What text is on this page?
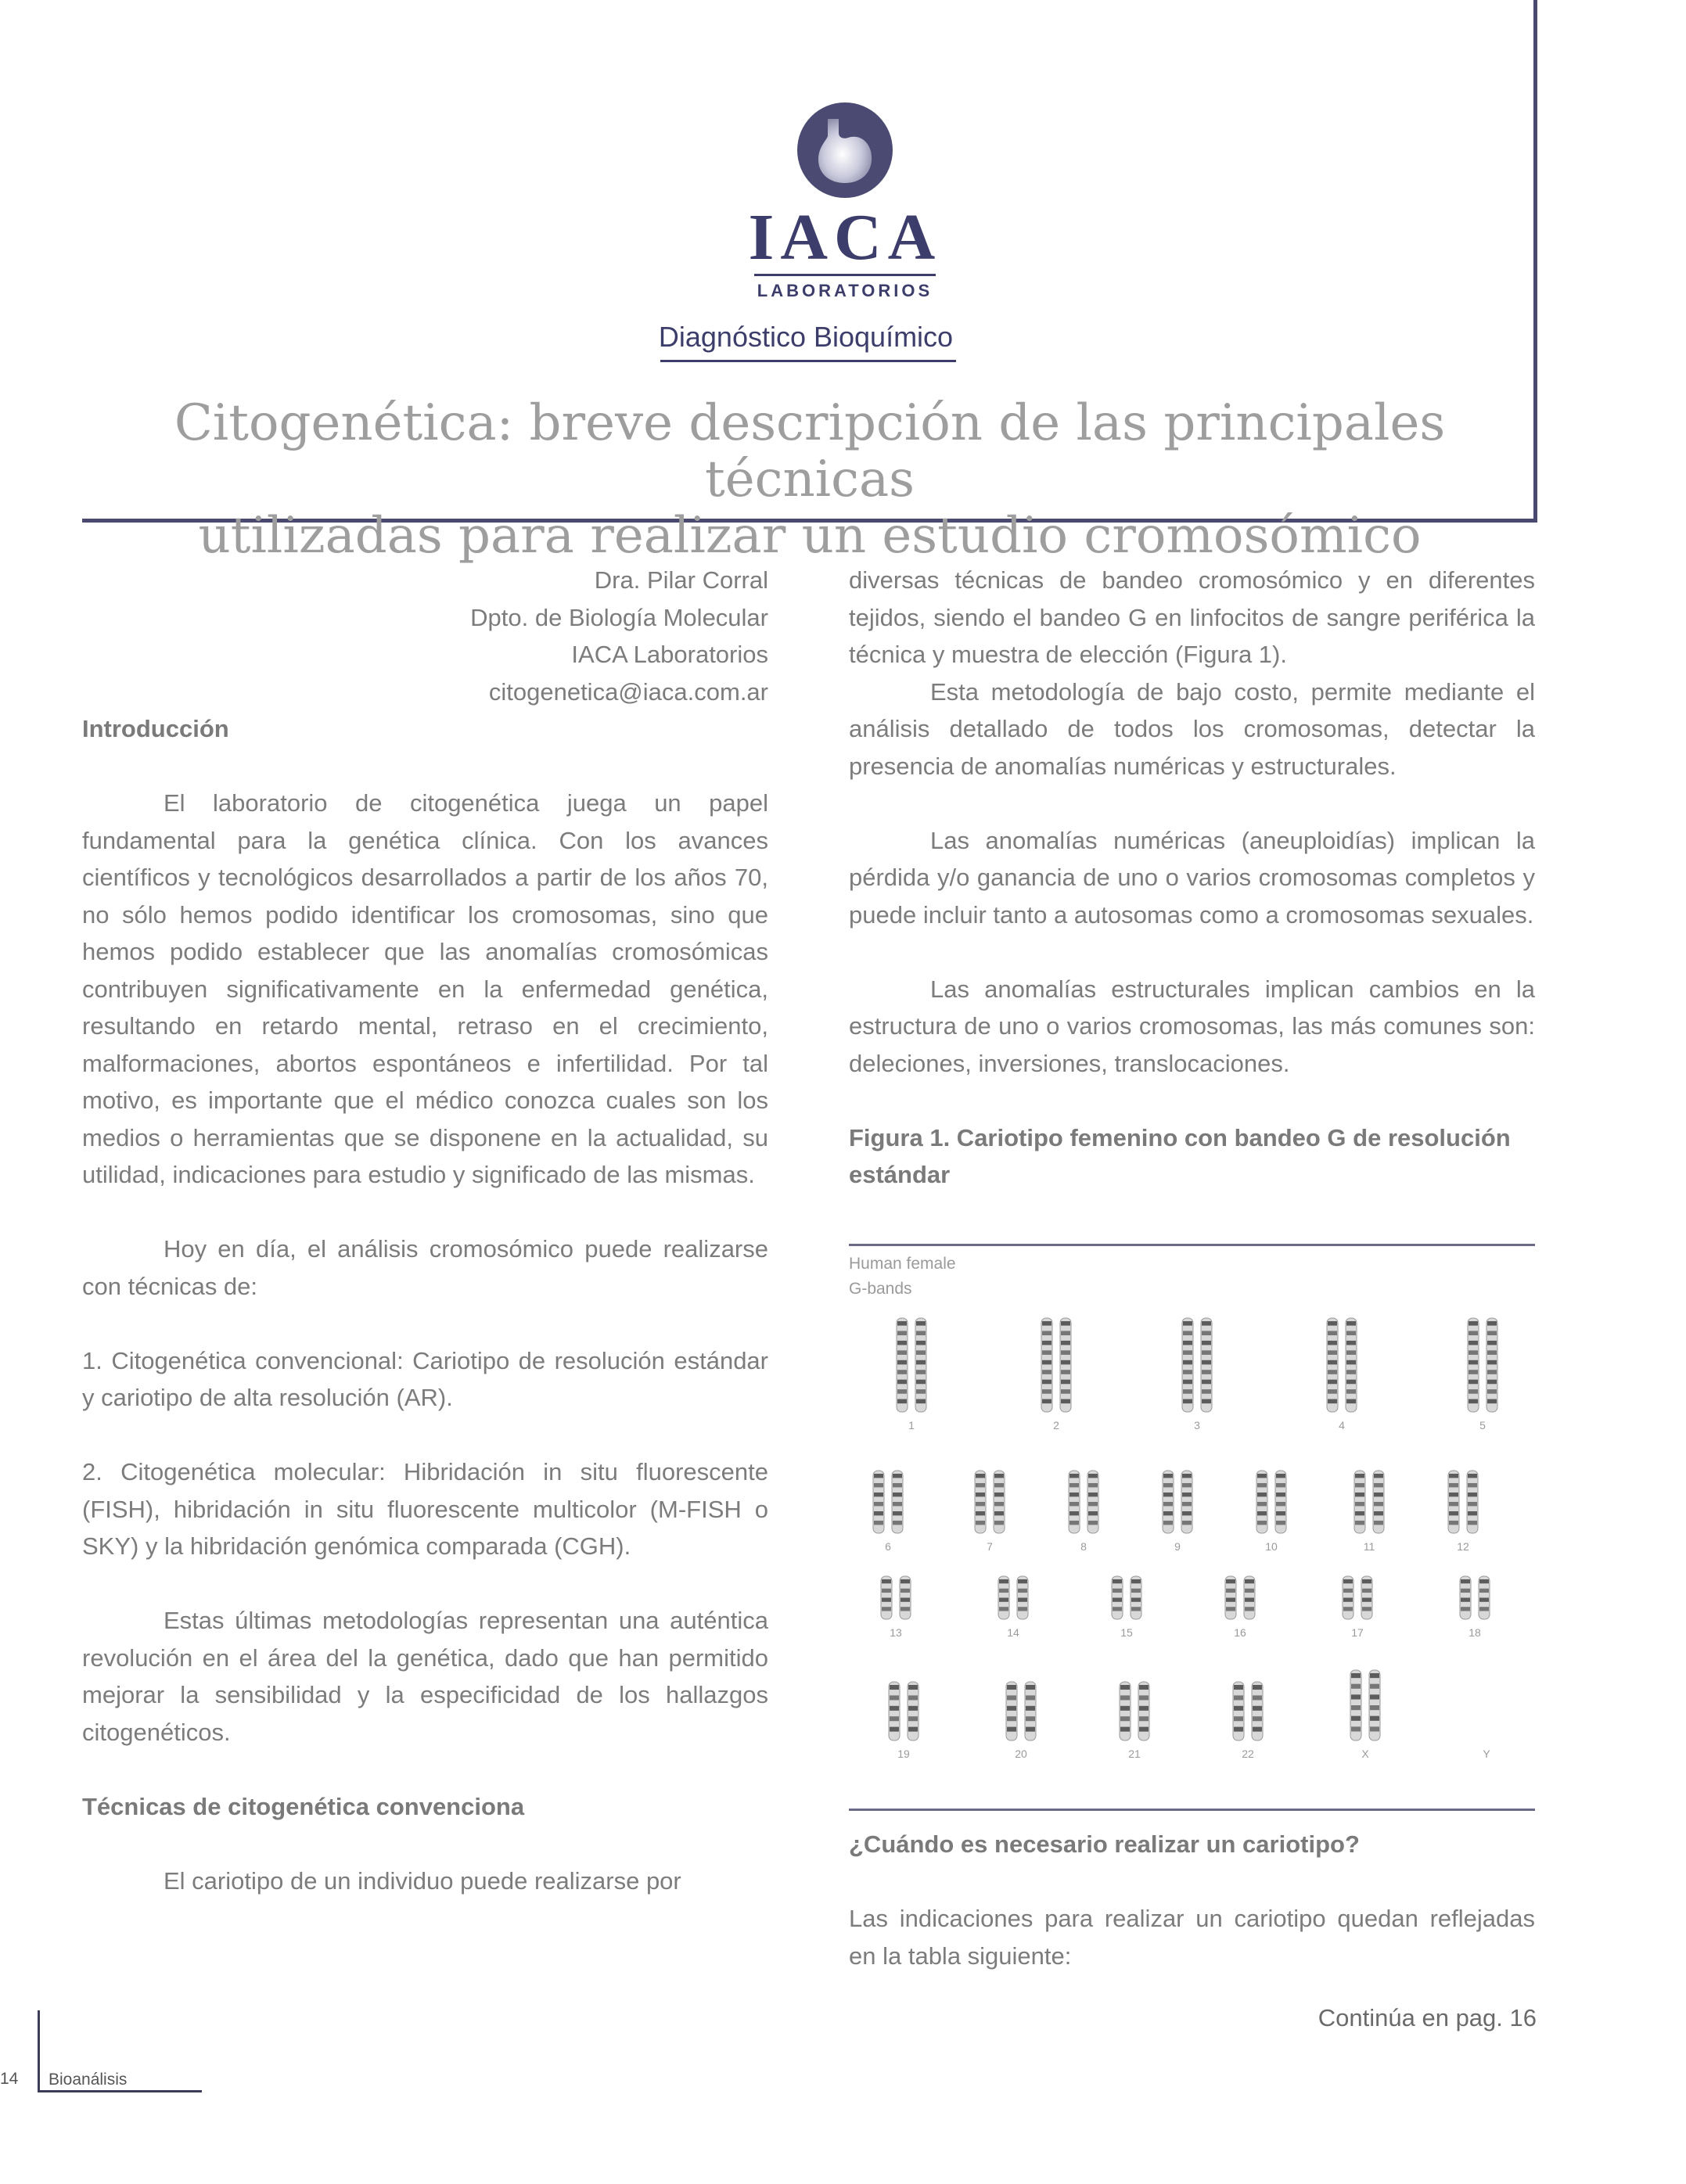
IACA
LABORATORIOS
Diagnóstico Bioquímico
Citogenética: breve descripción de las principales técnicas
utilizadas para realizar un estudio cromosómico

Dra. Pilar Corral

Dpto. de Biología Molecular

IACA Laboratorios

citogenetica@iaca.com.ar

Introducción

El laboratorio de citogenética juega un papel fundamental para la genética clínica. Con los avances científicos y tecnológicos desarrollados a partir de los años 70, no sólo hemos podido identificar los cromosomas, sino que hemos podido establecer que las anomalías cromosómicas contribuyen significativamente en la enfermedad genética, resultando en retardo mental, retraso en el crecimiento, malformaciones, abortos espontáneos e infertilidad. Por tal motivo, es importante que el médico conozca cuales son los medios o herramientas que se disponene en la actualidad, su utilidad, indicaciones para estudio y significado de las mismas.

Hoy en día, el análisis cromosómico puede realizarse con técnicas de:

1. Citogenética convencional: Cariotipo de resolución estándar y cariotipo de alta resolución (AR).

2. Citogenética molecular: Hibridación in situ fluorescente (FISH), hibridación in situ fluorescente multicolor (M-FISH o SKY) y la hibridación genómica comparada (CGH).

Estas últimas metodologías representan una auténtica revolución en el área del la genética, dado que han permitido mejorar la sensibilidad y la especificidad de los hallazgos citogenéticos.

Técnicas de citogenética convenciona

El cariotipo de un individuo puede realizarse por

diversas técnicas de bandeo cromosómico y en diferentes tejidos, siendo el bandeo G en linfocitos de sangre periférica la técnica y muestra de elección (Figura 1).

Esta metodología de bajo costo, permite mediante el análisis detallado de todos los cromosomas, detectar la presencia de anomalías numéricas y estructurales.

Las anomalías numéricas (aneuploidías) implican la pérdida y/o ganancia de uno o varios cromosomas completos y puede incluir tanto a autosomas como a cromosomas sexuales.

Las anomalías estructurales implican cambios en la estructura de uno o varios cromosomas, las más comunes son: deleciones, inversiones, translocaciones.

Figura 1. Cariotipo femenino con bandeo G de resolución estándar

Human female
G-bands
1	2	3	4	5
6	7	8	9	10	11	12
13	14	15	16	17	18
19	20	21	22	X	Y

¿Cuándo es necesario realizar un cariotipo?

Las indicaciones para realizar un cariotipo quedan reflejadas en la tabla siguiente:

Continúa en pag. 16
14 Bioanálisis
